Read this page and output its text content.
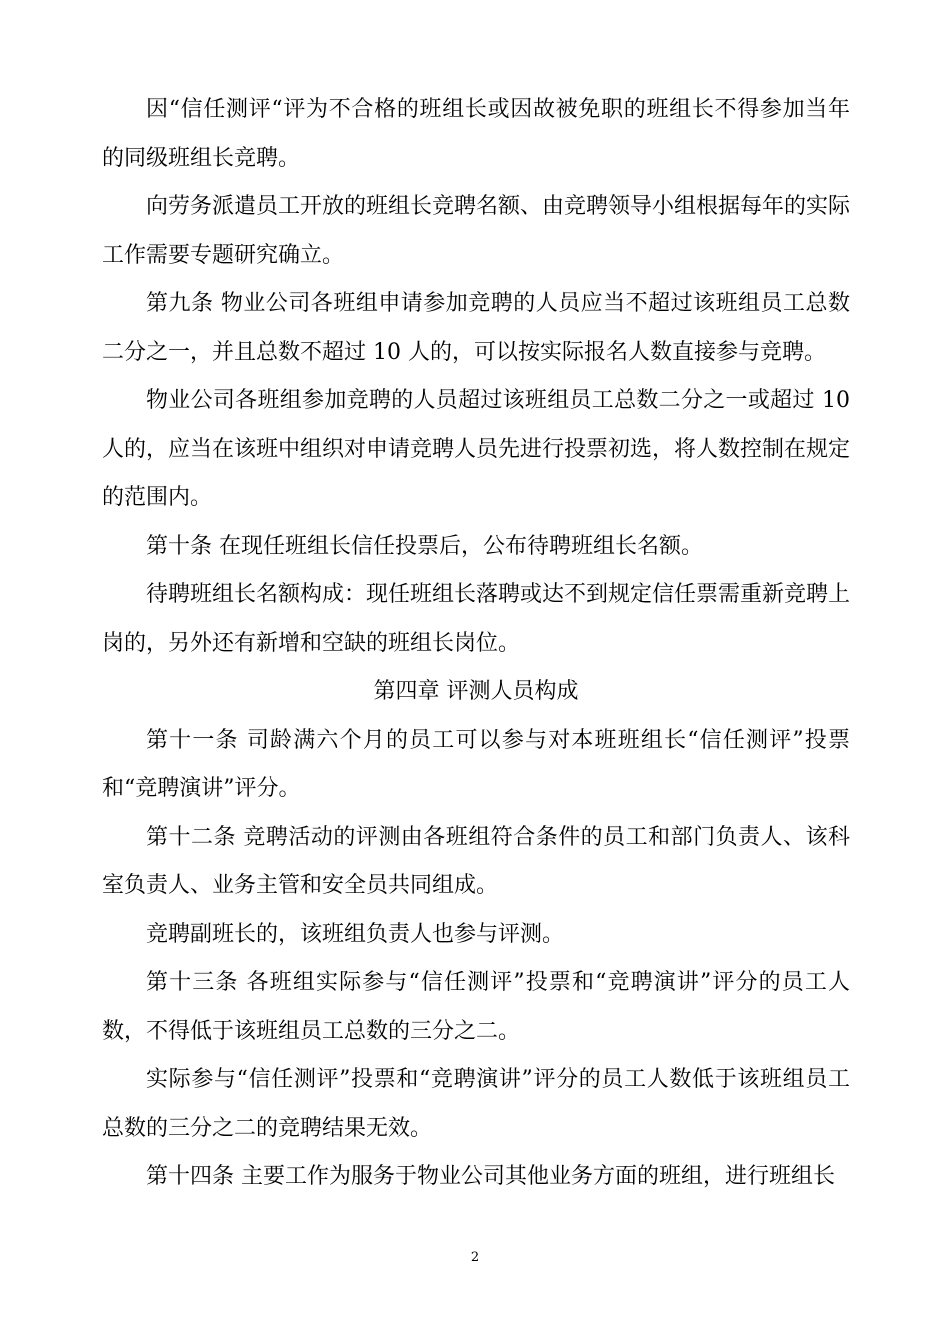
因“信任测评“评为不合格的班组长或因故被免职的班组长不得参加当年的同级班组长竞聘。

向劳务派遣员工开放的班组长竞聘名额、由竞聘领导小组根据每年的实际工作需要专题研究确立。

第九条 物业公司各班组申请参加竞聘的人员应当不超过该班组员工总数二分之一，并且总数不超过 10 人的，可以按实际报名人数直接参与竞聘。

物业公司各班组参加竞聘的人员超过该班组员工总数二分之一或超过 10 人的，应当在该班中组织对申请竞聘人员先进行投票初选，将人数控制在规定的范围内。

第十条 在现任班组长信任投票后，公布待聘班组长名额。

待聘班组长名额构成：现任班组长落聘或达不到规定信任票需重新竞聘上岗的，另外还有新增和空缺的班组长岗位。

第四章 评测人员构成

第十一条 司龄满六个月的员工可以参与对本班班组长“信任测评”投票和“竞聘演讲”评分。

第十二条 竞聘活动的评测由各班组符合条件的员工和部门负责人、该科室负责人、业务主管和安全员共同组成。

竞聘副班长的，该班组负责人也参与评测。

第十三条 各班组实际参与“信任测评”投票和“竞聘演讲”评分的员工人数，不得低于该班组员工总数的三分之二。

实际参与“信任测评”投票和“竞聘演讲”评分的员工人数低于该班组员工总数的三分之二的竞聘结果无效。

第十四条 主要工作为服务于物业公司其他业务方面的班组，进行班组长

2
